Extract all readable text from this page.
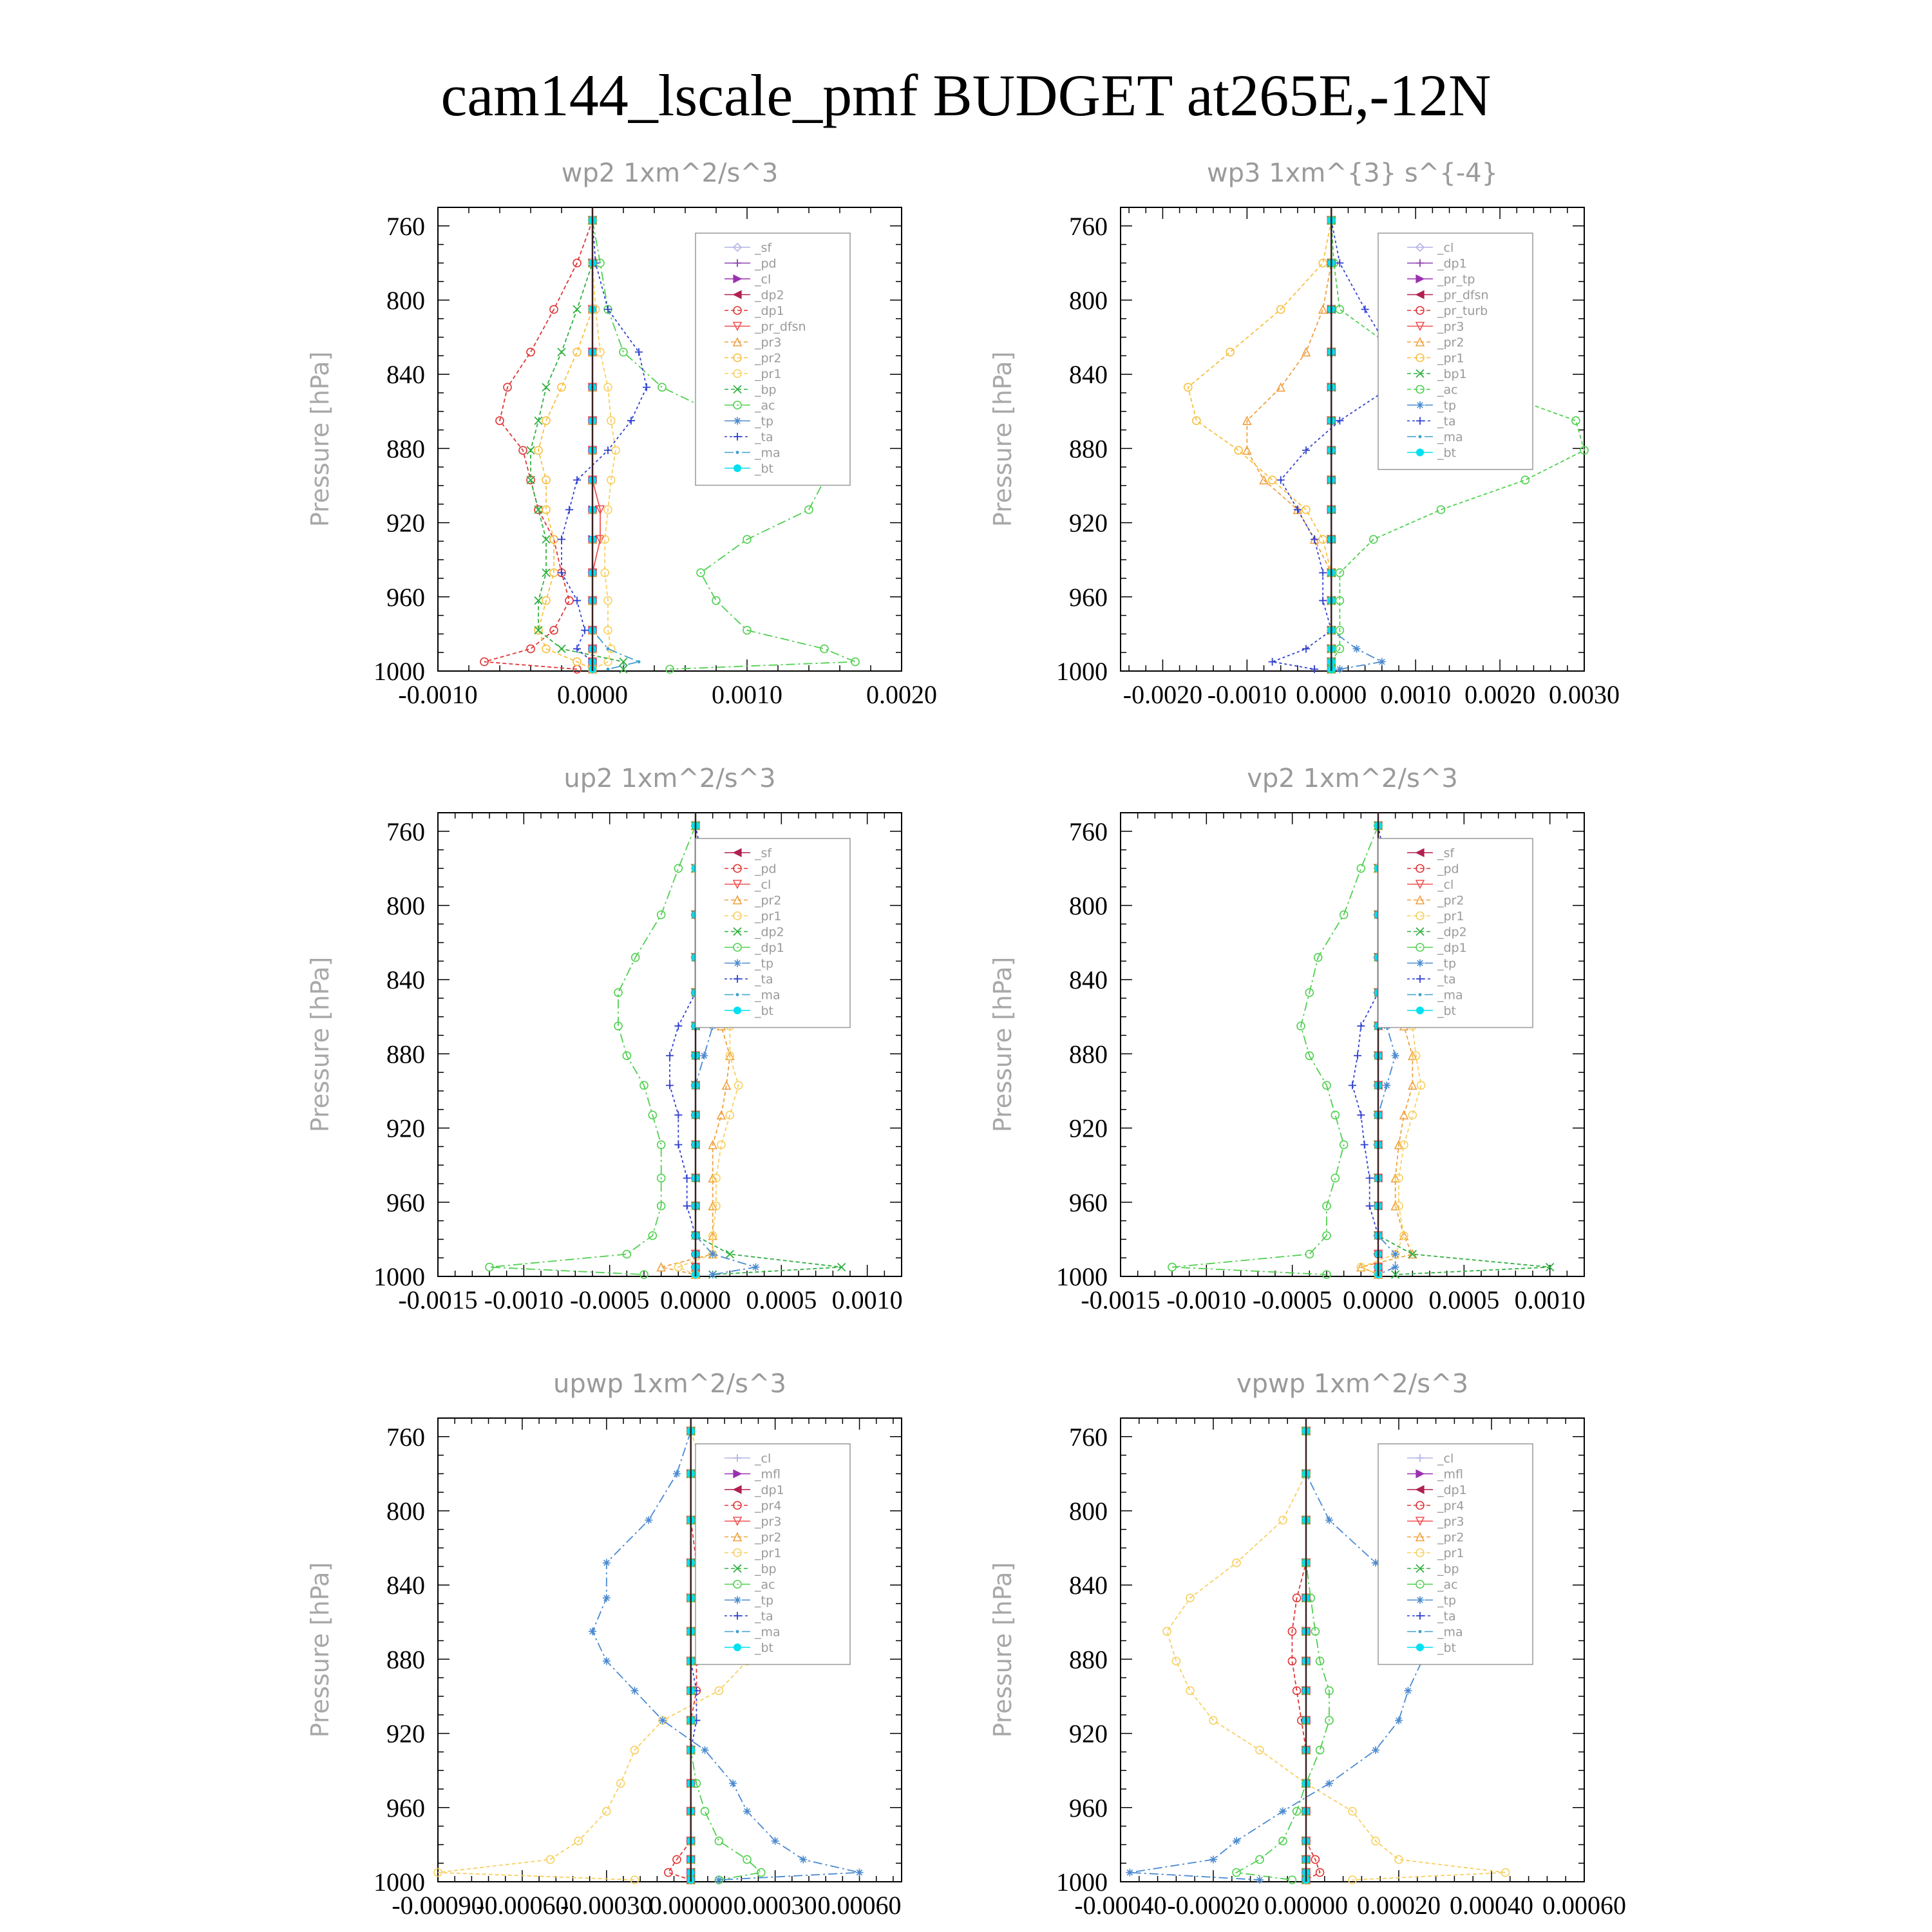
cam144_lscale_pmf BUDGET at265E,-12N
wp2 1xm^2/s^3
Pressure [hPa]
760
800
840
880
920
960
1000
-0.0010	0.0000	0.0010	0.0020
_sf
_pd
_cl
_dp2
_dp1
_pr_dfsn
_pr3
_pr2
_pr1
_bp
_ac
_tp
_ta
_ma
_bt
wp3 1xm^{3} s^{-4}
Pressure [hPa]
760
800
840
880
920
960
1000
-0.0020 -0.0010 0.0000 0.0010 0.0020 0.0030
_cl
_dp1
_pr_tp
_pr_dfsn
_pr_turb
_pr3
_pr2
_pr1
_bp1
_ac
_tp
_ta
_ma
_bt
up2 1xm^2/s^3
Pressure [hPa]
760
800
840
880
920
960
1000
-0.0015 -0.0010 -0.0005 0.0000 0.0005 0.0010
_sf
_pd
_cl
_pr2
_pr1
_dp2
_dp1
_tp
_ta
_ma
_bt
vp2 1xm^2/s^3
Pressure [hPa]
760
800
840
880
920
960
1000
-0.0015 -0.0010 -0.0005 0.0000 0.0005 0.0010
_sf
_pd
_cl
_pr2
_pr1
_dp2
_dp1
_tp
_ta
_ma
_bt
upwp 1xm^2/s^3
Pressure [hPa]
760
800
840
880
920
960
1000
-0.00090
-0.00060
-0.00030
0.00000 0.00030 0.00060
_cl
_mfl
_dp1
_pr4
_pr3
_pr2
_pr1
_bp
_ac
_tp
_ta
_ma
_bt
vpwp 1xm^2/s^3
Pressure [hPa]
760
800
840
880
920
960
1000
-0.00040 -0.00020 0.00000 0.00020 0.00040 0.00060
_cl
_mfl
_dp1
_pr4
_pr3
_pr2
_pr1
_bp
_ac
_tp
_ta
_ma
_bt
